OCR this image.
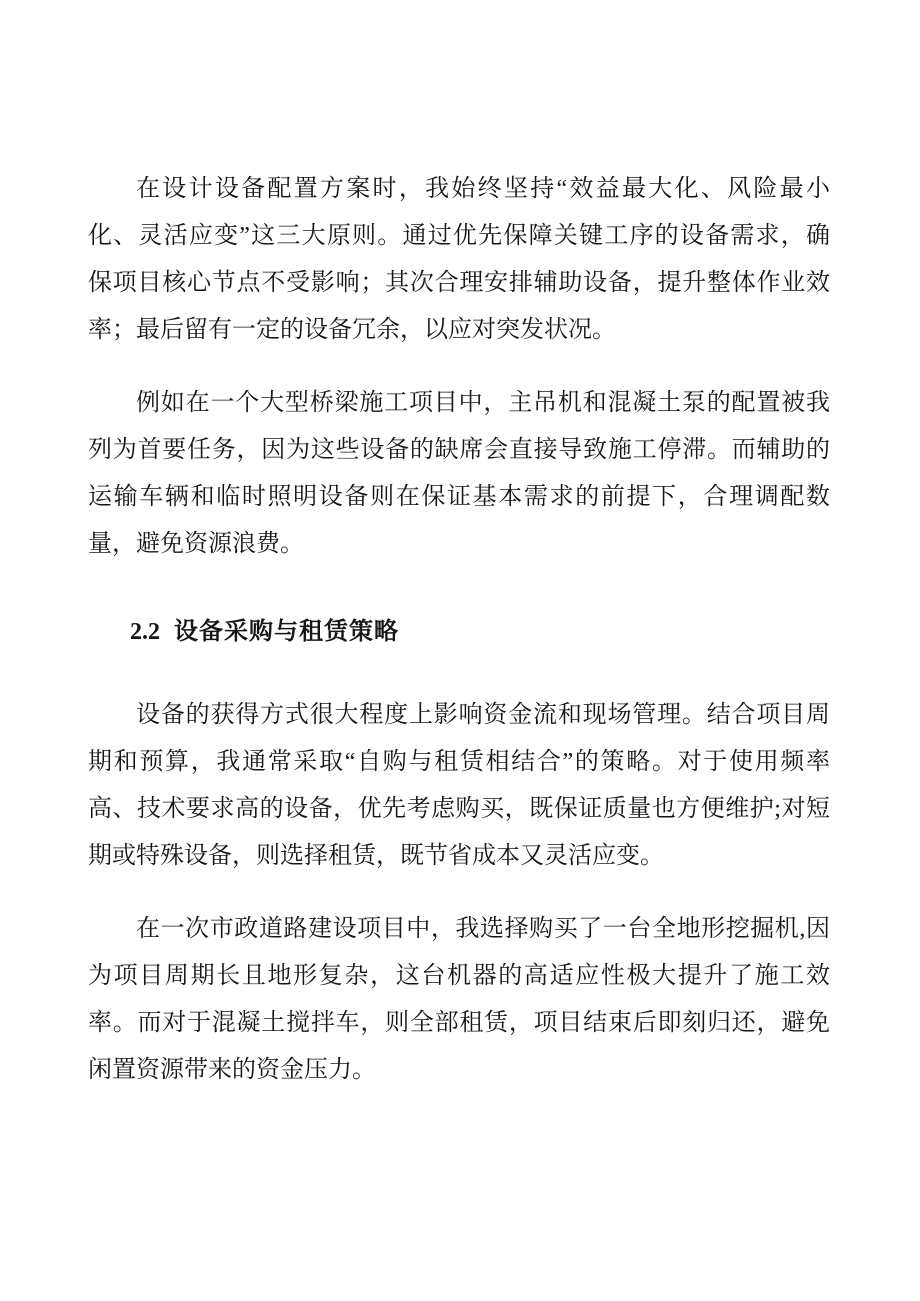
在设计设备配置方案时，我始终坚持“效益最大化、风险最小
化、灵活应变”这三大原则。通过优先保障关键工序的设备需求，确
保项目核心节点不受影响；其次合理安排辅助设备，提升整体作业效
率；最后留有一定的设备冗余，以应对突发状况。
例如在一个大型桥梁施工项目中，主吊机和混凝土泵的配置被我
列为首要任务，因为这些设备的缺席会直接导致施工停滞。而辅助的
运输车辆和临时照明设备则在保证基本需求的前提下，合理调配数
量，避免资源浪费。
2.2 设备采购与租赁策略
设备的获得方式很大程度上影响资金流和现场管理。结合项目周
期和预算，我通常采取“自购与租赁相结合”的策略。对于使用频率
高、技术要求高的设备，优先考虑购买，既保证质量也方便维护;对短
期或特殊设备，则选择租赁，既节省成本又灵活应变。
在一次市政道路建设项目中，我选择购买了一台全地形挖掘机,因
为项目周期长且地形复杂，这台机器的高适应性极大提升了施工效
率。而对于混凝土搅拌车，则全部租赁，项目结束后即刻归还，避免
闲置资源带来的资金压力。
